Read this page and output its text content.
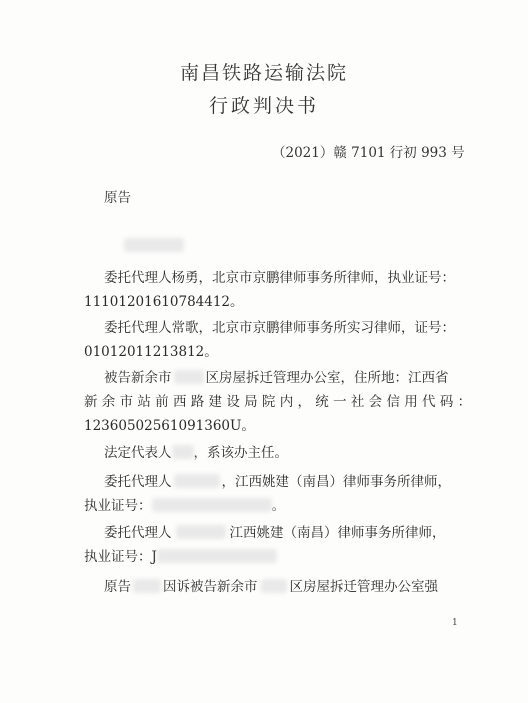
南昌铁路运输法院
行政判决书
（2021）赣 7101 行初 993 号
原告
委托代理人杨勇，北京市京鹏律师事务所律师，执业证号：
11101201610784412。
委托代理人常歌，北京市京鹏律师事务所实习律师，证号：
01012011213812。
被告新余市	区房屋拆迁管理办公室，住所地：江西省
新 余 市 站 前 西 路 建 设 局 院 内 ， 统 一 社 会 信 用 代 码 ：
12360502561091360U。
法定代表人 ，系该办主任。
委托代理人	，江西姚建（南昌）律师事务所律师，
执业证号：	。
委托代理人	江西姚建（南昌）律师事务所律师，
执业证号：J
原告 因诉被告新余市 区房屋拆迁管理办公室强
1
